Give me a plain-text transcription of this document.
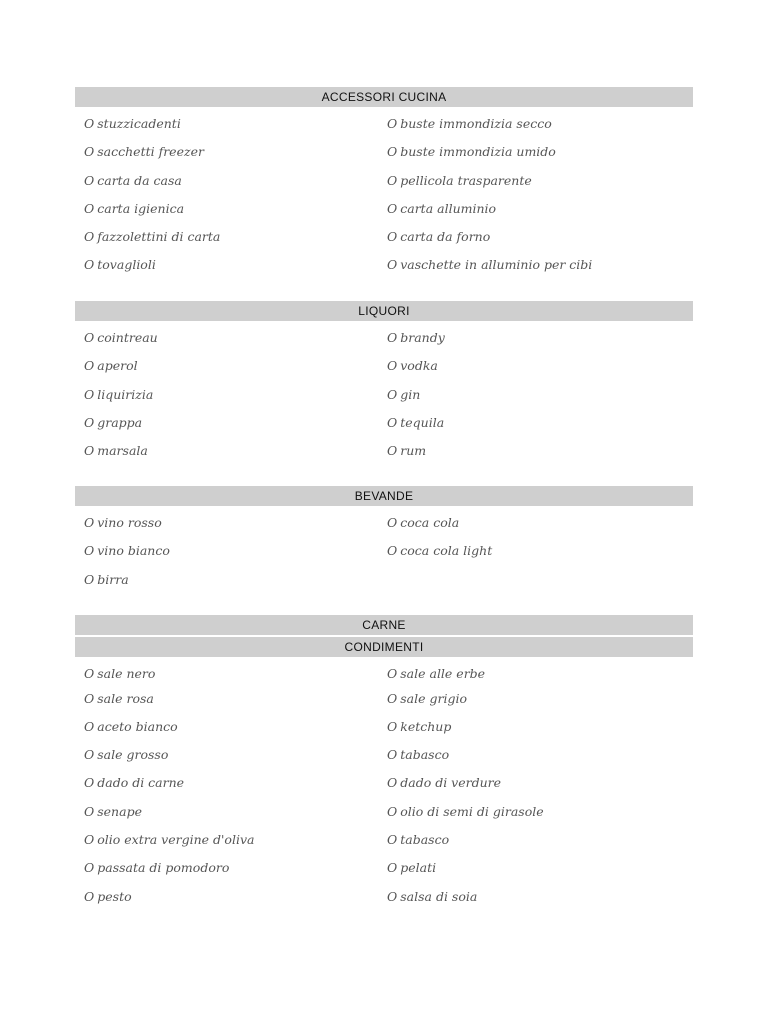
ACCESSORI CUCINA
O stuzzicadenti	O buste immondizia secco
O sacchetti freezer	O buste immondizia umido
O carta da casa	O pellicola trasparente
O carta igienica	O carta alluminio
O fazzolettini di carta	O carta da forno
O tovaglioli	O vaschette in alluminio per cibi
LIQUORI
O cointreau	O brandy
O aperol	O vodka
O liquirizia	O gin
O grappa	O tequila
O marsala	O rum
BEVANDE
O vino rosso	O coca cola
O vino bianco	O coca cola light
O birra
CARNE
CONDIMENTI
O sale nero	O sale alle erbe
O sale rosa	O sale grigio
O aceto bianco	O ketchup
O sale grosso	O tabasco
O dado di carne	O dado di verdure
O senape	O olio di semi di girasole
O olio extra vergine d'oliva	O tabasco
O passata di pomodoro	O pelati
O pesto	O salsa di soia
